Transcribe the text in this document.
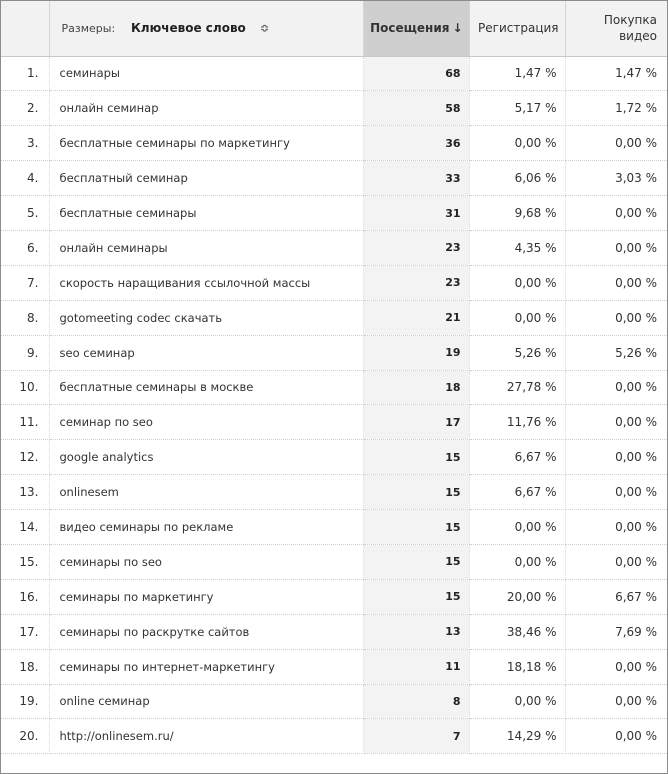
	Размеры: Ключевое слово ≎	Посещения ↓	Регистрация	Покупка
видео
1.	семинары	68	1,47 %	1,47 %
2.	онлайн семинар	58	5,17 %	1,72 %
3.	бесплатные семинары по маркетингу	36	0,00 %	0,00 %
4.	бесплатный семинар	33	6,06 %	3,03 %
5.	бесплатные семинары	31	9,68 %	0,00 %
6.	онлайн семинары	23	4,35 %	0,00 %
7.	скорость наращивания ссылочной массы	23	0,00 %	0,00 %
8.	gotomeeting codec скачать	21	0,00 %	0,00 %
9.	seo семинар	19	5,26 %	5,26 %
10.	бесплатные семинары в москве	18	27,78 %	0,00 %
11.	семинар по seo	17	11,76 %	0,00 %
12.	google analytics	15	6,67 %	0,00 %
13.	onlinesem	15	6,67 %	0,00 %
14.	видео семинары по рекламе	15	0,00 %	0,00 %
15.	семинары по seo	15	0,00 %	0,00 %
16.	семинары по маркетингу	15	20,00 %	6,67 %
17.	семинары по раскрутке сайтов	13	38,46 %	7,69 %
18.	семинары по интернет-маркетингу	11	18,18 %	0,00 %
19.	online семинар	8	0,00 %	0,00 %
20.	http://onlinesem.ru/	7	14,29 %	0,00 %
